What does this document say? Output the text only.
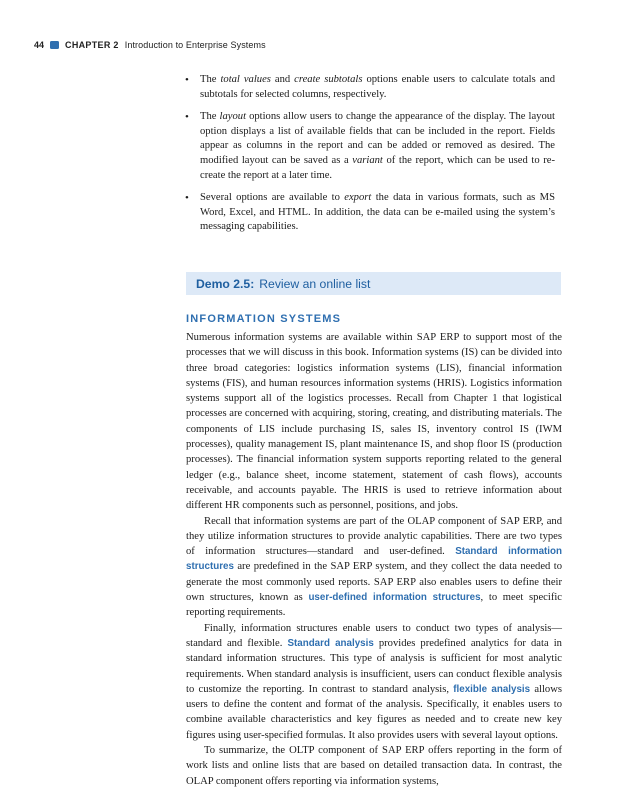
44 CHAPTER 2 Introduction to Enterprise Systems
• The total values and create subtotals options enable users to calculate totals and subtotals for selected columns, respectively.
• The layout options allow users to change the appearance of the display. The layout option displays a list of available fields that can be included in the report. Fields appear as columns in the report and can be added or removed as desired. The modified layout can be saved as a variant of the report, which can be used to re-create the report at a later time.
• Several options are available to export the data in various formats, such as MS Word, Excel, and HTML. In addition, the data can be e-mailed using the system’s messaging capabilities.
Demo 2.5: Review an online list
INFORMATION SYSTEMS

Numerous information systems are available within SAP ERP to support most of the processes that we will discuss in this book. Information systems (IS) can be divided into three broad categories: logistics information systems (LIS), financial information systems (FIS), and human resources information systems (HRIS). Logistics information systems support all of the logistics processes. Recall from Chapter 1 that logistical processes are concerned with acquiring, storing, creating, and distributing materials. The components of LIS include purchasing IS, sales IS, inventory control IS (IWM processes), quality management IS, plant maintenance IS, and shop floor IS (production processes). The financial information system supports reporting related to the general ledger (e.g., balance sheet, income statement, statement of cash flows), accounts receivable, and accounts payable. The HRIS is used to retrieve information about different HR components such as personnel, positions, and jobs.

Recall that information systems are part of the OLAP component of SAP ERP, and they utilize information structures to provide analytic capabilities. There are two types of information structures—standard and user-defined. Standard information structures are predefined in the SAP ERP system, and they collect the data needed to generate the most commonly used reports. SAP ERP also enables users to define their own structures, known as user-defined information structures, to meet specific reporting requirements.

Finally, information structures enable users to conduct two types of analysis—standard and flexible. Standard analysis provides predefined analytics for data in standard information structures. This type of analysis is sufficient for most analytic requirements. When standard analysis is insufficient, users can conduct flexible analysis to customize the reporting. In contrast to standard analysis, flexible analysis allows users to define the content and format of the analysis. Specifically, it enables users to combine available characteristics and key figures as needed and to create new key figures using user-specified formulas. It also provides users with several layout options.

To summarize, the OLTP component of SAP ERP offers reporting in the form of work lists and online lists that are based on detailed transaction data. In contrast, the OLAP component offers reporting via information systems,
